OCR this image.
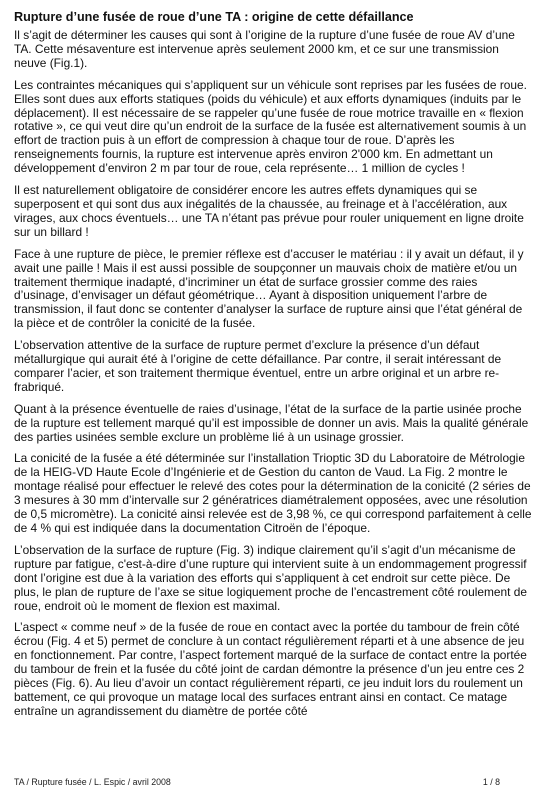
Rupture d’une fusée de roue d’une TA : origine de cette défaillance

Il s’agit de déterminer les causes qui sont à l’origine de la rupture d’une fusée de roue AV d’une TA. Cette mésaventure est intervenue après seulement 2000 km, et ce sur une transmission neuve (Fig.1).

Les contraintes mécaniques qui s’appliquent sur un véhicule sont reprises par les fusées de roue. Elles sont dues aux efforts statiques (poids du véhicule) et aux efforts dynamiques (induits par le déplacement). Il est nécessaire de se rappeler qu’une fusée de roue motrice travaille en « flexion rotative », ce qui veut dire qu’un endroit de la surface de la fusée est alternativement soumis à un effort de traction puis à un effort de compression à chaque tour de roue. D’après les renseignements fournis, la rupture est intervenue après environ 2'000 km. En admettant un développement d’environ 2 m par tour de roue, cela représente… 1 million de cycles !

Il est naturellement obligatoire de considérer encore les autres effets dynamiques qui se superposent et qui sont dus aux inégalités de la chaussée, au freinage et à l’accélération, aux virages, aux chocs éventuels… une TA n’étant pas prévue pour rouler uniquement en ligne droite sur un billard !

Face à une rupture de pièce, le premier réflexe est d’accuser le matériau : il y avait un défaut, il y avait une paille ! Mais il est aussi possible de soupçonner un mauvais choix de matière et/ou un traitement thermique inadapté, d’incriminer un état de surface grossier comme des raies d’usinage, d’envisager un défaut géométrique… Ayant à disposition uniquement l’arbre de transmission, il faut donc se contenter d’analyser la surface de rupture ainsi que l’état général de la pièce et de contrôler la conicité de la fusée.

L’observation attentive de la surface de rupture permet d’exclure la présence d’un défaut métallurgique qui aurait été à l’origine de cette défaillance. Par contre, il serait intéressant de comparer l’acier, et son traitement thermique éventuel, entre un arbre original et un arbre re-frabriqué.

Quant à la présence éventuelle de raies d’usinage, l’état de la surface de la partie usinée proche de la rupture est tellement marqué qu’il est impossible de donner un avis. Mais la qualité générale des parties usinées semble exclure un problème lié à un usinage grossier.

La conicité de la fusée a été déterminée sur l’installation Trioptic 3D du Laboratoire de Métrologie de la HEIG-VD Haute Ecole d’Ingénierie et de Gestion du canton de Vaud. La Fig. 2 montre le montage réalisé pour effectuer le relevé des cotes pour la détermination de la conicité (2 séries de 3 mesures à 30 mm d’intervalle sur 2 génératrices diamétralement opposées, avec une résolution de 0,5 micromètre). La conicité ainsi relevée est de 3,98 %, ce qui correspond parfaitement à celle de 4 % qui est indiquée dans la documentation Citroën de l’époque.

L’observation de la surface de rupture (Fig. 3) indique clairement qu’il s’agit d’un mécanisme de rupture par fatigue, c'est-à-dire d’une rupture qui intervient suite à un endommagement progressif dont l’origine est due à la variation des efforts qui s’appliquent à cet endroit sur cette pièce. De plus, le plan de rupture de l’axe se situe logiquement proche de l’encastrement côté roulement de roue, endroit où le moment de flexion est maximal.

L’aspect « comme neuf » de la fusée de roue en contact avec la portée du tambour de frein côté écrou (Fig. 4 et 5) permet de conclure à un contact régulièrement réparti et à une absence de jeu en fonctionnement. Par contre, l’aspect fortement marqué de la surface de contact entre la portée du tambour de frein et la fusée du côté joint de cardan démontre la présence d’un jeu entre ces 2 pièces (Fig. 6). Au lieu d’avoir un contact régulièrement réparti, ce jeu induit lors du roulement un battement, ce qui provoque un matage local des surfaces entrant ainsi en contact. Ce matage entraîne un agrandissement du diamètre de portée côté

TA / Rupture fusée / L. Espic / avril 2008	1 / 8
